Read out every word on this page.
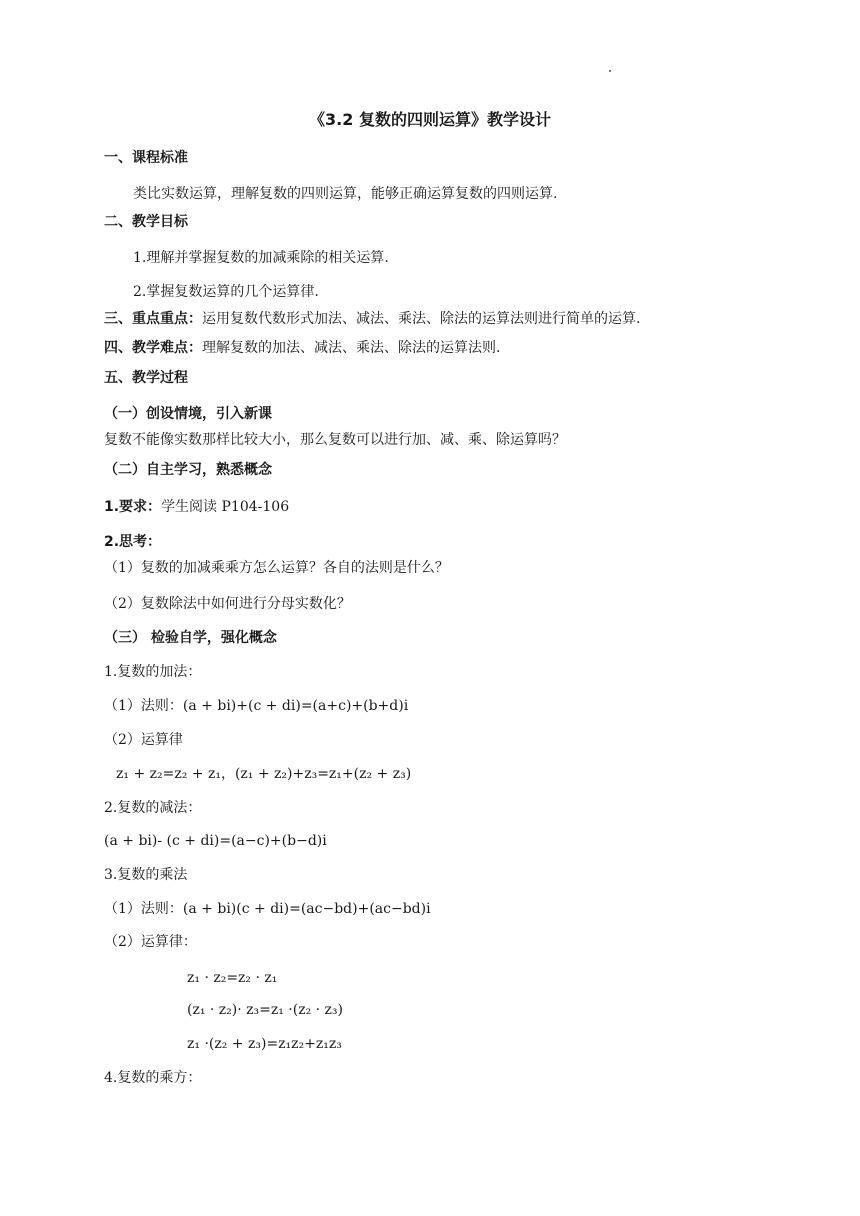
《3.2 复数的四则运算》教学设计
一、课程标准
类比实数运算，理解复数的四则运算，能够正确运算复数的四则运算.
二、教学目标
1.理解并掌握复数的加减乘除的相关运算.
2.掌握复数运算的几个运算律.
三、重点重点：运用复数代数形式加法、减法、乘法、除法的运算法则进行简单的运算.
四、教学难点：理解复数的加法、减法、乘法、除法的运算法则.
五、教学过程
（一）创设情境，引入新课
复数不能像实数那样比较大小，那么复数可以进行加、减、乘、除运算吗？
（二）自主学习，熟悉概念
1.要求：学生阅读 P104-106
2.思考：
（1）复数的加减乘乘方怎么运算？各自的法则是什么？
（2）复数除法中如何进行分母实数化？
（三） 检验自学，强化概念
1.复数的加法：
（1）法则：(a + bi)+(c + di)=(a+c)+(b+d)i
（2）运算律
z₁ + z₂=z₂ + z₁，(z₁ + z₂)+z₃=z₁+(z₂ + z₃)
2.复数的减法：
(a + bi)- (c + di)=(a−c)+(b−d)i
3.复数的乘法
（1）法则：(a + bi)(c + di)=(ac−bd)+(ac−bd)i
（2）运算律：
z₁ · z₂=z₂ · z₁
(z₁ · z₂)· z₃=z₁ ·(z₂ · z₃)
z₁ ·(z₂ + z₃)=z₁z₂+z₁z₃
4.复数的乘方：
